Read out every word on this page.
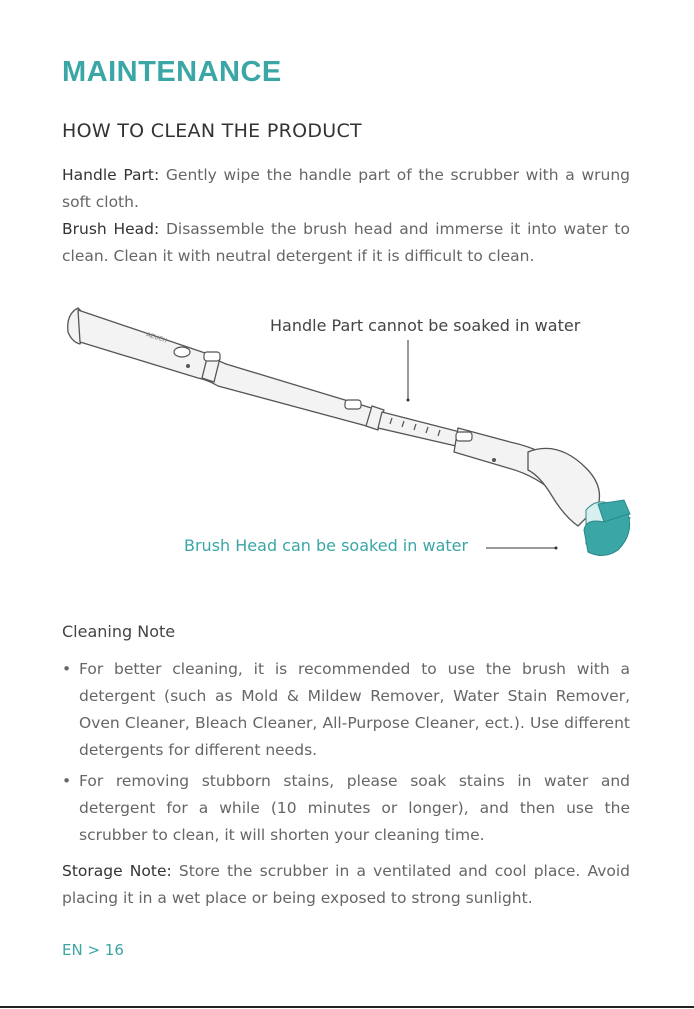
MAINTENANCE
HOW TO CLEAN THE PRODUCT

Handle Part: Gently wipe the handle part of the scrubber with a wrung soft cloth.

Brush Head: Disassemble the brush head and immerse it into water to clean. Clean it with neutral detergent if it is difficult to clean.

AZUCH
Handle Part cannot be soaked in water
Brush Head can be soaked in water
Cleaning Note
• For better cleaning, it is recommended to use the brush with a detergent (such as Mold & Mildew Remover, Water Stain Remover, Oven Cleaner, Bleach Cleaner, All-Purpose Cleaner, ect.). Use different detergents for different needs.
• For removing stubborn stains, please soak stains in water and detergent for a while (10 minutes or longer), and then use the scrubber to clean, it will shorten your cleaning time.

Storage Note: Store the scrubber in a ventilated and cool place. Avoid placing it in a wet place or being exposed to strong sunlight.

EN > 16
